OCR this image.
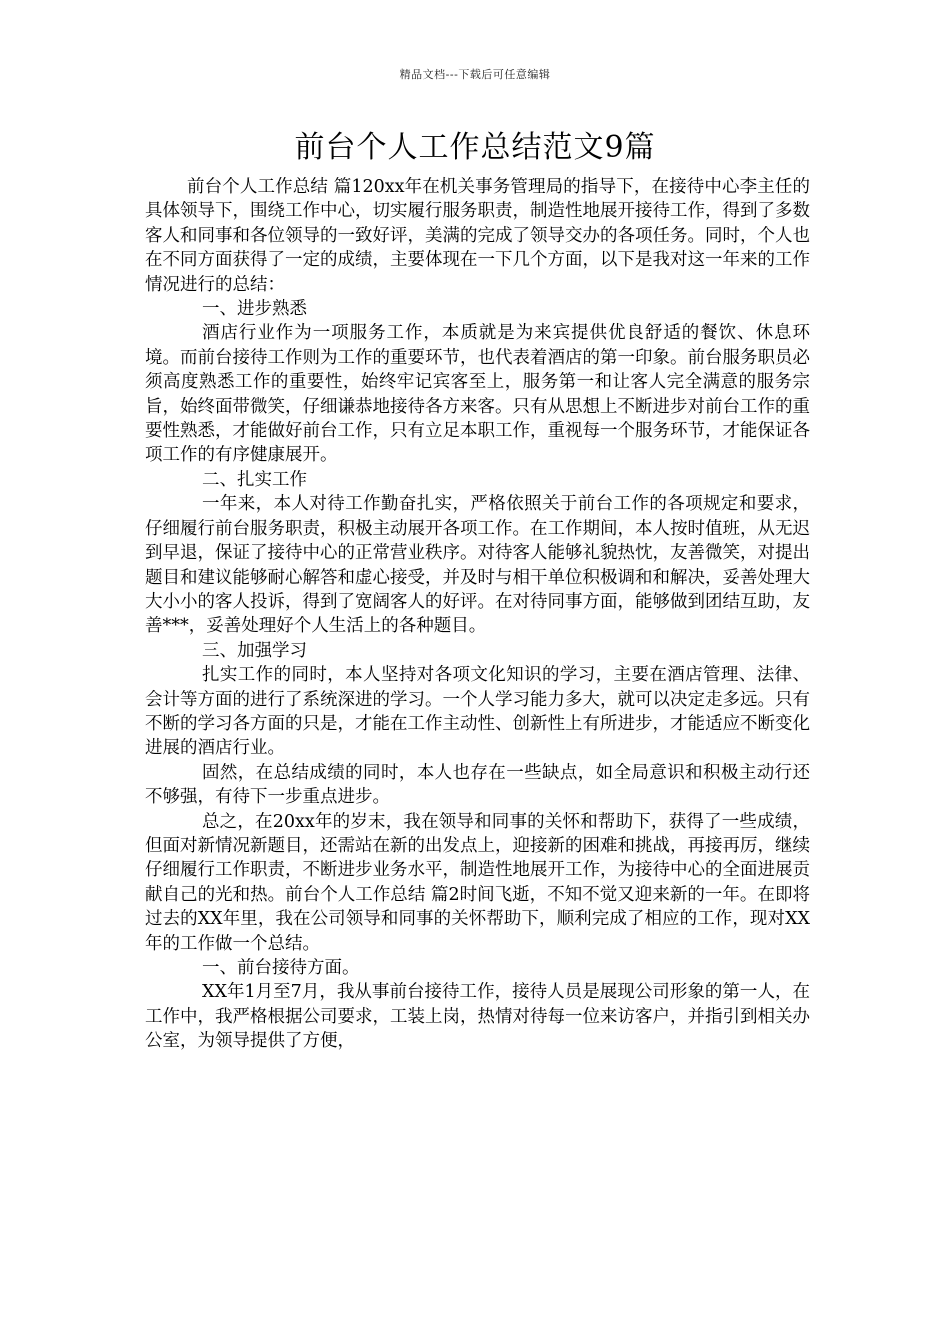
精品文档---下载后可任意编辑
前台个人工作总结范文9篇

前台个人工作总结 篇120xx年在机关事务管理局的指导下，在接待中心李主任的具体领导下，围绕工作中心，切实履行服务职责，制造性地展开接待工作，得到了多数客人和同事和各位领导的一致好评，美满的完成了领导交办的各项任务。同时，个人也在不同方面获得了一定的成绩，主要体现在一下几个方面，以下是我对这一年来的工作情况进行的总结：

一、进步熟悉

酒店行业作为一项服务工作，本质就是为来宾提供优良舒适的餐饮、休息环境。而前台接待工作则为工作的重要环节，也代表着酒店的第一印象。前台服务职员必须高度熟悉工作的重要性，始终牢记宾客至上，服务第一和让客人完全满意的服务宗旨，始终面带微笑，仔细谦恭地接待各方来客。只有从思想上不断进步对前台工作的重要性熟悉，才能做好前台工作，只有立足本职工作，重视每一个服务环节，才能保证各项工作的有序健康展开。

二、扎实工作

一年来，本人对待工作勤奋扎实，严格依照关于前台工作的各项规定和要求，仔细履行前台服务职责，积极主动展开各项工作。在工作期间，本人按时值班，从无迟到早退，保证了接待中心的正常营业秩序。对待客人能够礼貌热忱，友善微笑，对提出题目和建议能够耐心解答和虚心接受，并及时与相干单位积极调和和解决，妥善处理大大小小的客人投诉，得到了宽阔客人的好评。在对待同事方面，能够做到团结互助，友善***，妥善处理好个人生活上的各种题目。

三、加强学习

扎实工作的同时，本人坚持对各项文化知识的学习，主要在酒店管理、法律、会计等方面的进行了系统深进的学习。一个人学习能力多大，就可以决定走多远。只有不断的学习各方面的只是，才能在工作主动性、创新性上有所进步，才能适应不断变化进展的酒店行业。

固然，在总结成绩的同时，本人也存在一些缺点，如全局意识和积极主动行还不够强，有待下一步重点进步。

总之，在20xx年的岁末，我在领导和同事的关怀和帮助下，获得了一些成绩，但面对新情况新题目，还需站在新的出发点上，迎接新的困难和挑战，再接再厉，继续仔细履行工作职责，不断进步业务水平，制造性地展开工作，为接待中心的全面进展贡献自己的光和热。前台个人工作总结 篇2时间飞逝，不知不觉又迎来新的一年。在即将过去的XX年里，我在公司领导和同事的关怀帮助下，顺利完成了相应的工作，现对XX年的工作做一个总结。

一、前台接待方面。

XX年1月至7月，我从事前台接待工作，接待人员是展现公司形象的第一人，在工作中，我严格根据公司要求，工装上岗，热情对待每一位来访客户，并指引到相关办公室，为领导提供了方便，
